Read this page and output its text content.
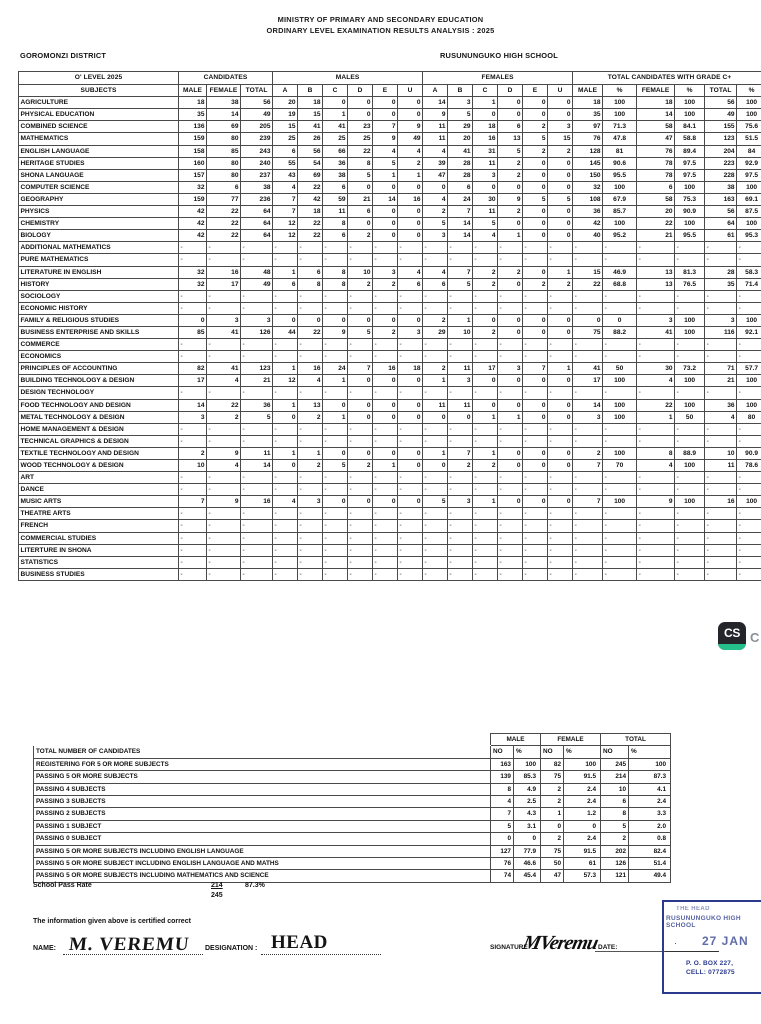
MINISTRY OF PRIMARY AND SECONDARY EDUCATION
ORDINARY LEVEL EXAMINATION RESULTS ANALYSIS : 2025
GOROMONZI DISTRICT	RUSUNUNGUKO HIGH SCHOOL
O' LEVEL 2025	CANDIDATES			MALES						FEMALES						TOTAL CANDIDATES WITH GRADE C+					
SUBJECTS	MALE	FEMALE	TOTAL	A	B	C	D	E	U	A	B	C	D	E	U	MALE	%	FEMALE	%	TOTAL	%
AGRICULTURE	18	38	56	20	18	0	0	0	0	14	3	1	0	0	0	18	100	18	100	56	100
PHYSICAL EDUCATION	35	14	49	19	15	1	0	0	0	9	5	0	0	0	0	35	100	14	100	49	100
COMBINED SCIENCE	136	69	205	15	41	41	23	7	9	11	29	18	6	2	3	97	71.3	58	84.1	155	75.6
MATHEMATICS	159	80	239	25	26	25	25	9	49	11	20	16	13	5	15	76	47.8	47	58.8	123	51.5
ENGLISH LANGUAGE	158	85	243	6	56	66	22	4	4	4	41	31	5	2	2	128	81	76	89.4	204	84
HERITAGE STUDIES	160	80	240	55	54	36	8	5	2	39	28	11	2	0	0	145	90.6	78	97.5	223	92.9
SHONA LANGUAGE	157	80	237	43	69	38	5	1	1	47	28	3	2	0	0	150	95.5	78	97.5	228	97.5
COMPUTER SCIENCE	32	6	38	4	22	6	0	0	0	0	6	0	0	0	0	32	100	6	100	38	100
GEOGRAPHY	159	77	236	7	42	59	21	14	16	4	24	30	9	5	5	108	67.9	58	75.3	163	69.1
PHYSICS	42	22	64	7	18	11	6	0	0	2	7	11	2	0	0	36	85.7	20	90.9	56	87.5
CHEMISTRY	42	22	64	12	22	8	0	0	0	5	14	5	0	0	0	42	100	22	100	64	100
BIOLOGY	42	22	64	12	22	6	2	0	0	3	14	4	1	0	0	40	95.2	21	95.5	61	95.3
ADDITIONAL MATHEMATICS	-	-	-	-	-	-	-	-	-	-	-	-	-	-	-	-	-	-	-	-	-
PURE MATHEMATICS	-	-	-	-	-	-	-	-	-	-	-	-	-	-	-	-	-	-	-	-	-
LITERATURE IN ENGLISH	32	16	48	1	6	8	10	3	4	4	7	2	2	0	1	15	46.9	13	81.3	28	58.3
HISTORY	32	17	49	6	8	8	2	2	6	6	5	2	0	2	2	22	68.8	13	76.5	35	71.4
SOCIOLOGY	-	-	-	-	-	-	-	-	-	-	-	-	-	-	-	-	-	-	-	-	-
ECONOMIC HISTORY	-	-	-	-	-	-	-	-	-	-	-	-	-	-	-	-	-	-	-	-	-
FAMILY & RELIGIOUS STUDIES	0	3	3	0	0	0	0	0	0	2	1	0	0	0	0	0	0	3	100	3	100
BUSINESS ENTERPRISE AND SKILLS	85	41	126	44	22	9	5	2	3	29	10	2	0	0	0	75	88.2	41	100	116	92.1
COMMERCE	-	-	-	-	-	-	-	-	-	-	-	-	-	-	-	-	-	-	-	-	-
ECONOMICS	-	-	-	-	-	-	-	-	-	-	-	-	-	-	-	-	-	-	-	-	-
PRINCIPLES OF ACCOUNTING	82	41	123	1	16	24	7	16	18	2	11	17	3	7	1	41	50	30	73.2	71	57.7
BUILDING TECHNOLOGY & DESIGN	17	4	21	12	4	1	0	0	0	1	3	0	0	0	0	17	100	4	100	21	100
DESIGN TECHNOLOGY	-	-	-	-	-	-	-	-	-	-	-	-	-	-	-	-	-	-	-	-	-
FOOD TECHNOLOGY AND DESIGN	14	22	36	1	13	0	0	0	0	11	11	0	0	0	0	14	100	22	100	36	100
METAL TECHNOLOGY & DESIGN	3	2	5	0	2	1	0	0	0	0	0	1	1	0	0	3	100	1	50	4	80
HOME MANAGEMENT & DESIGN	-	-	-	-	-	-	-	-	-	-	-	-	-	-	-	-	-	-	-	-	-
TECHNICAL GRAPHICS & DESIGN	-	-	-	-	-	-	-	-	-	-	-	-	-	-	-	-	-	-	-	-	-
TEXTILE TECHNOLOGY AND DESIGN	2	9	11	1	1	0	0	0	0	1	7	1	0	0	0	2	100	8	88.9	10	90.9
WOOD TECHNOLOGY & DESIGN	10	4	14	0	2	5	2	1	0	0	2	2	0	0	0	7	70	4	100	11	78.6
ART	-	-	-	-	-	-	-	-	-	-	-	-	-	-	-	-	-	-	-	-	-
DANCE	-	-	-	-	-	-	-	-	-	-	-	-	-	-	-	-	-	-	-	-	-
MUSIC ARTS	7	9	16	4	3	0	0	0	0	5	3	1	0	0	0	7	100	9	100	16	100
THEATRE ARTS	-	-	-	-	-	-	-	-	-	-	-	-	-	-	-	-	-	-	-	-	-
FRENCH	-	-	-	-	-	-	-	-	-	-	-	-	-	-	-	-	-	-	-	-	-
COMMERCIAL STUDIES	-	-	-	-	-	-	-	-	-	-	-	-	-	-	-	-	-	-	-	-	-
LITERTURE IN SHONA	-	-	-	-	-	-	-	-	-	-	-	-	-	-	-	-	-	-	-	-	-
STATISTICS	-	-	-	-	-	-	-	-	-	-	-	-	-	-	-	-	-	-	-	-	-
BUSINESS STUDIES	-	-	-	-	-	-	-	-	-	-	-	-	-	-	-	-	-	-	-	-	-
CS C
	MALE		FEMALE		TOTAL	
TOTAL NUMBER OF CANDIDATES	NO	%	NO	%	NO	%
REGISTERING FOR 5 OR MORE SUBJECTS	163	100	82	100	245	100
PASSING 5 OR MORE SUBJECTS	139	85.3	75	91.5	214	87.3
PASSING 4 SUBJECTS	8	4.9	2	2.4	10	4.1
PASSING 3 SUBJECTS	4	2.5	2	2.4	6	2.4
PASSING 2 SUBJECTS	7	4.3	1	1.2	8	3.3
PASSING 1 SUBJECT	5	3.1	0	0	5	2.0
PASSING 0 SUBJECT	0	0	2	2.4	2	0.8
PASSING 5 OR MORE SUBJECTS INCLUDING ENGLISH LANGUAGE	127	77.9	75	91.5	202	82.4
PASSING 5 OR MORE SUBJECT INCLUDING ENGLISH LANGUAGE AND MATHS	76	46.6	50	61	126	51.4
PASSING 5 OR MORE SUBJECTS INCLUDING MATHEMATICS AND SCIENCE	74	45.4	47	57.3	121	49.4
School Pass Rate	214
245
87.3%
The information given above is certified correct
NAME: M. VEREMU DESIGNATION : HEAD	SIGNATURE
MVeremu
DATE:
THE HEAD
RUSUNUNGUKO HIGH SCHOOL
· 27 JAN
P. O. BOX 227,
CELL: 0772875
